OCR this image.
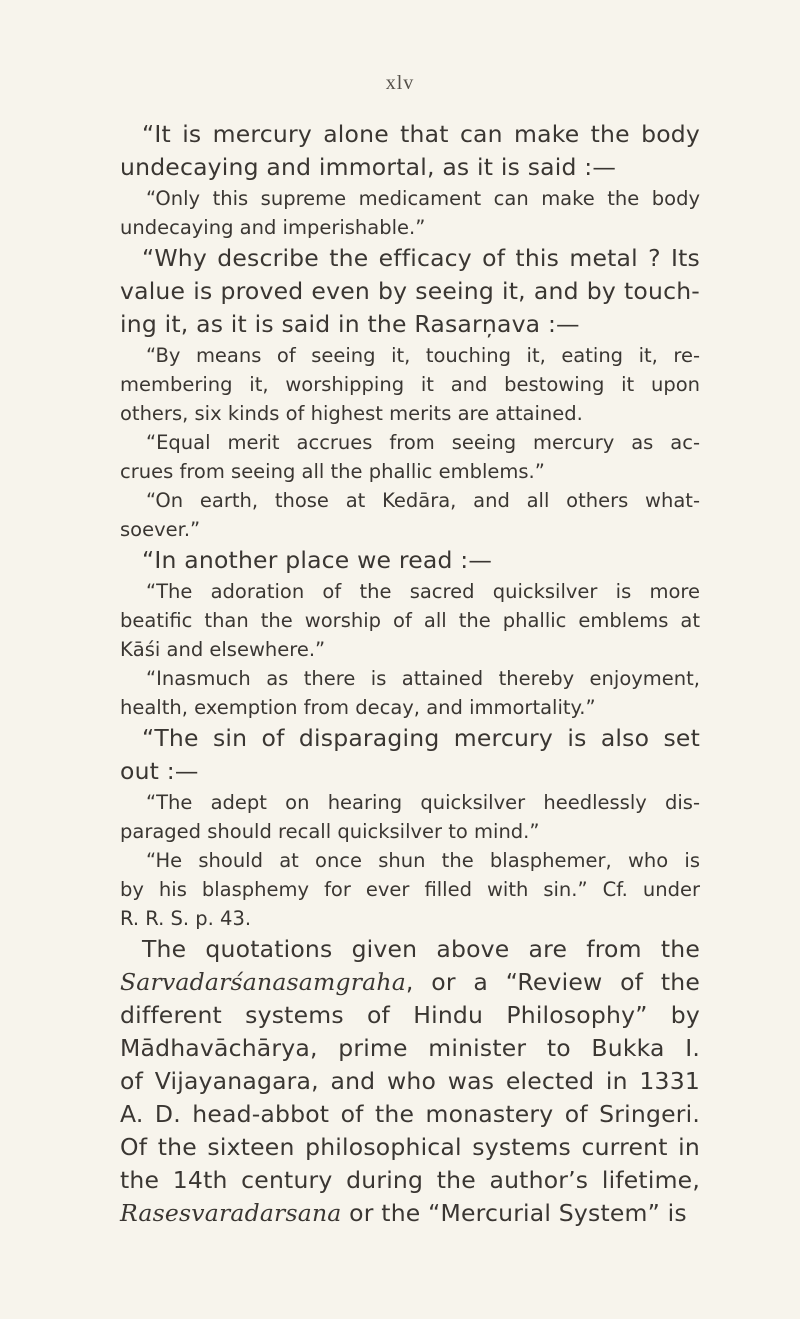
xlv
“It is mercury alone that can make the body
undecaying and immortal, as it is said :—
“Only this supreme medicament can make the body
undecaying and imperishable.”
“Why describe the efficacy of this metal ? Its
value is proved even by seeing it, and by touch-
ing it, as it is said in the Rasarņava :—
“By means of seeing it, touching it, eating it, re-
membering it, worshipping it and bestowing it upon
others, six kinds of highest merits are attained.
“Equal merit accrues from seeing mercury as ac-
crues from seeing all the phallic emblems.”
“On earth, those at Kedāra, and all others what-
soever.”
“In another place we read :—
“The adoration of the sacred quicksilver is more
beatific than the worship of all the phallic emblems at
Kāśi and elsewhere.”
“Inasmuch as there is attained thereby enjoyment,
health, exemption from decay, and immortality.”
“The sin of disparaging mercury is also set
out :—
“The adept on hearing quicksilver heedlessly dis-
paraged should recall quicksilver to mind.”
“He should at once shun the blasphemer, who is
by his blasphemy for ever filled with sin.” Cf. under
R. R. S. p. 43.
The quotations given above are from the
Sarvadarśanasamgraha, or a “Review of the
different systems of Hindu Philosophy” by
Mādhavāchārya, prime minister to Bukka I.
of Vijayanagara, and who was elected in 1331
A. D. head-abbot of the monastery of Sringeri.
Of the sixteen philosophical systems current in
the 14th century during the author’s lifetime,
Rasesvaradarsana or the “Mercurial System” is
